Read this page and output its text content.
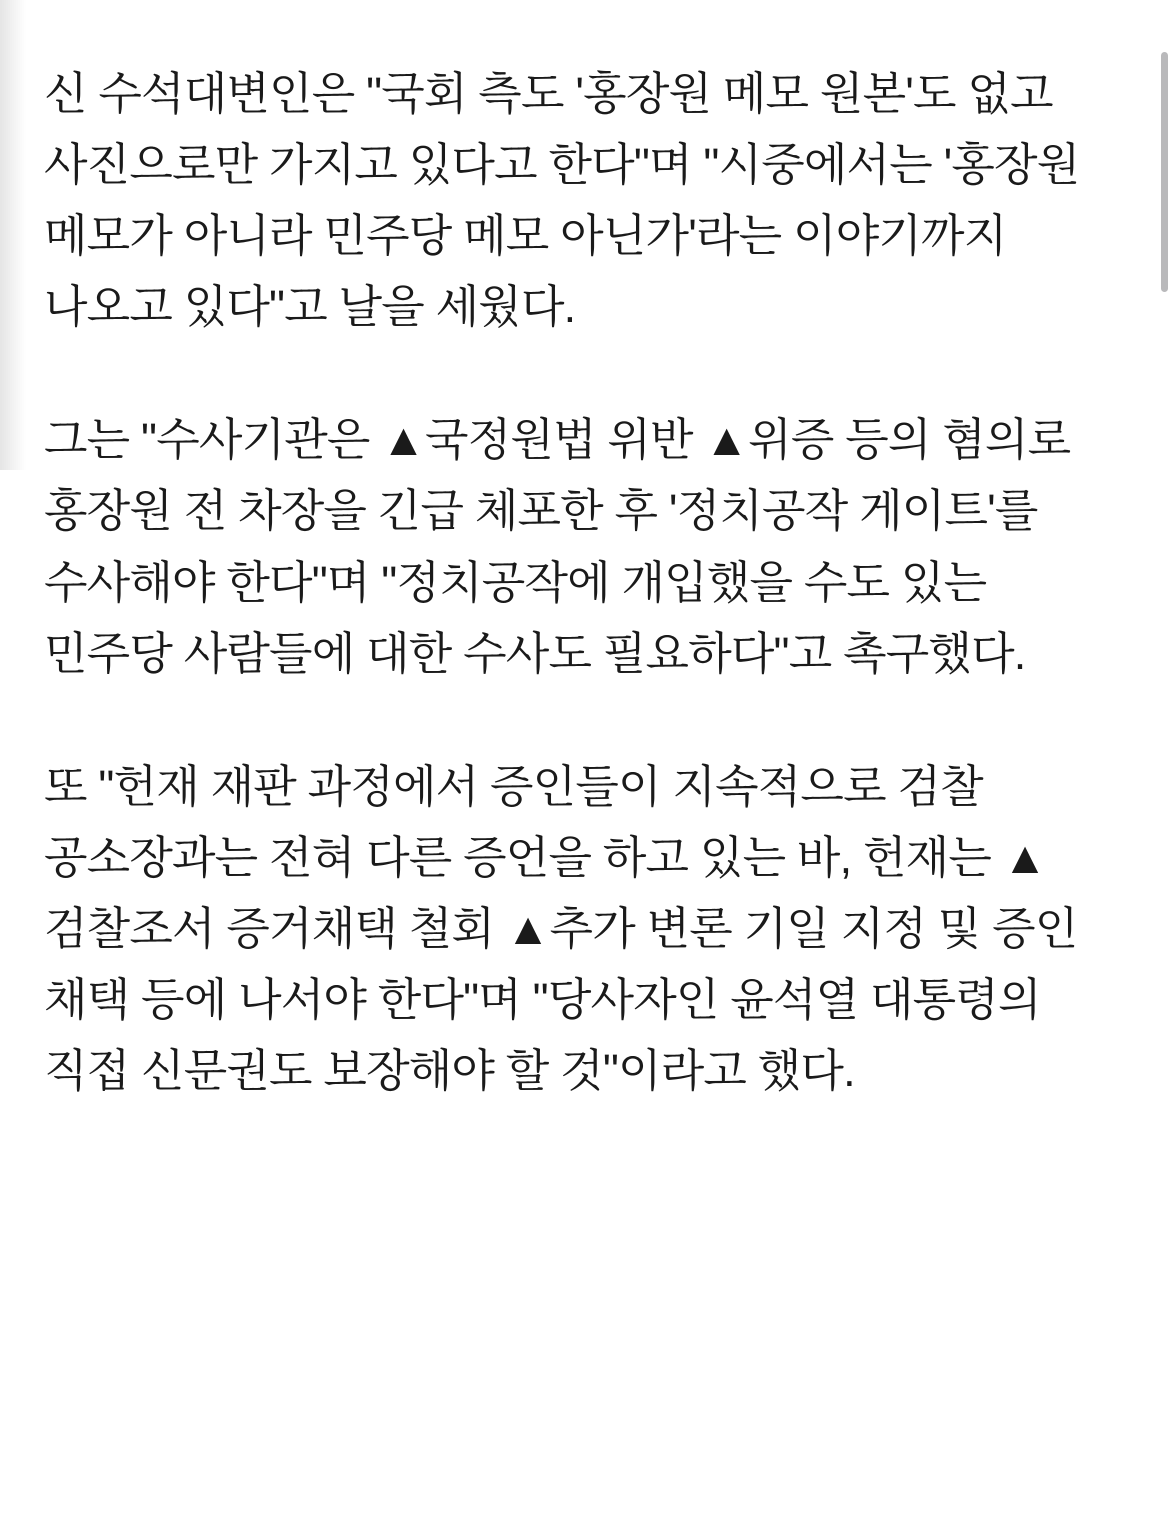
신 수석대변인은 "국회 측도 '홍장원 메모 원본'도 없고 사진으로만 가지고 있다고 한다"며 "시중에서는 '홍장원 메모가 아니라 민주당 메모 아닌가'라는 이야기까지 나오고 있다"고 날을 세웠다.

그는 "수사기관은 ▲국정원법 위반 ▲위증 등의 혐의로 홍장원 전 차장을 긴급 체포한 후 '정치공작 게이트'를 수사해야 한다"며 "정치공작에 개입했을 수도 있는 민주당 사람들에 대한 수사도 필요하다"고 촉구했다.

또 "헌재 재판 과정에서 증인들이 지속적으로 검찰 공소장과는 전혀 다른 증언을 하고 있는 바, 헌재는 ▲검찰조서 증거채택 철회 ▲추가 변론 기일 지정 및 증인 채택 등에 나서야 한다"며 "당사자인 윤석열 대통령의 직접 신문권도 보장해야 할 것"이라고 했다.
